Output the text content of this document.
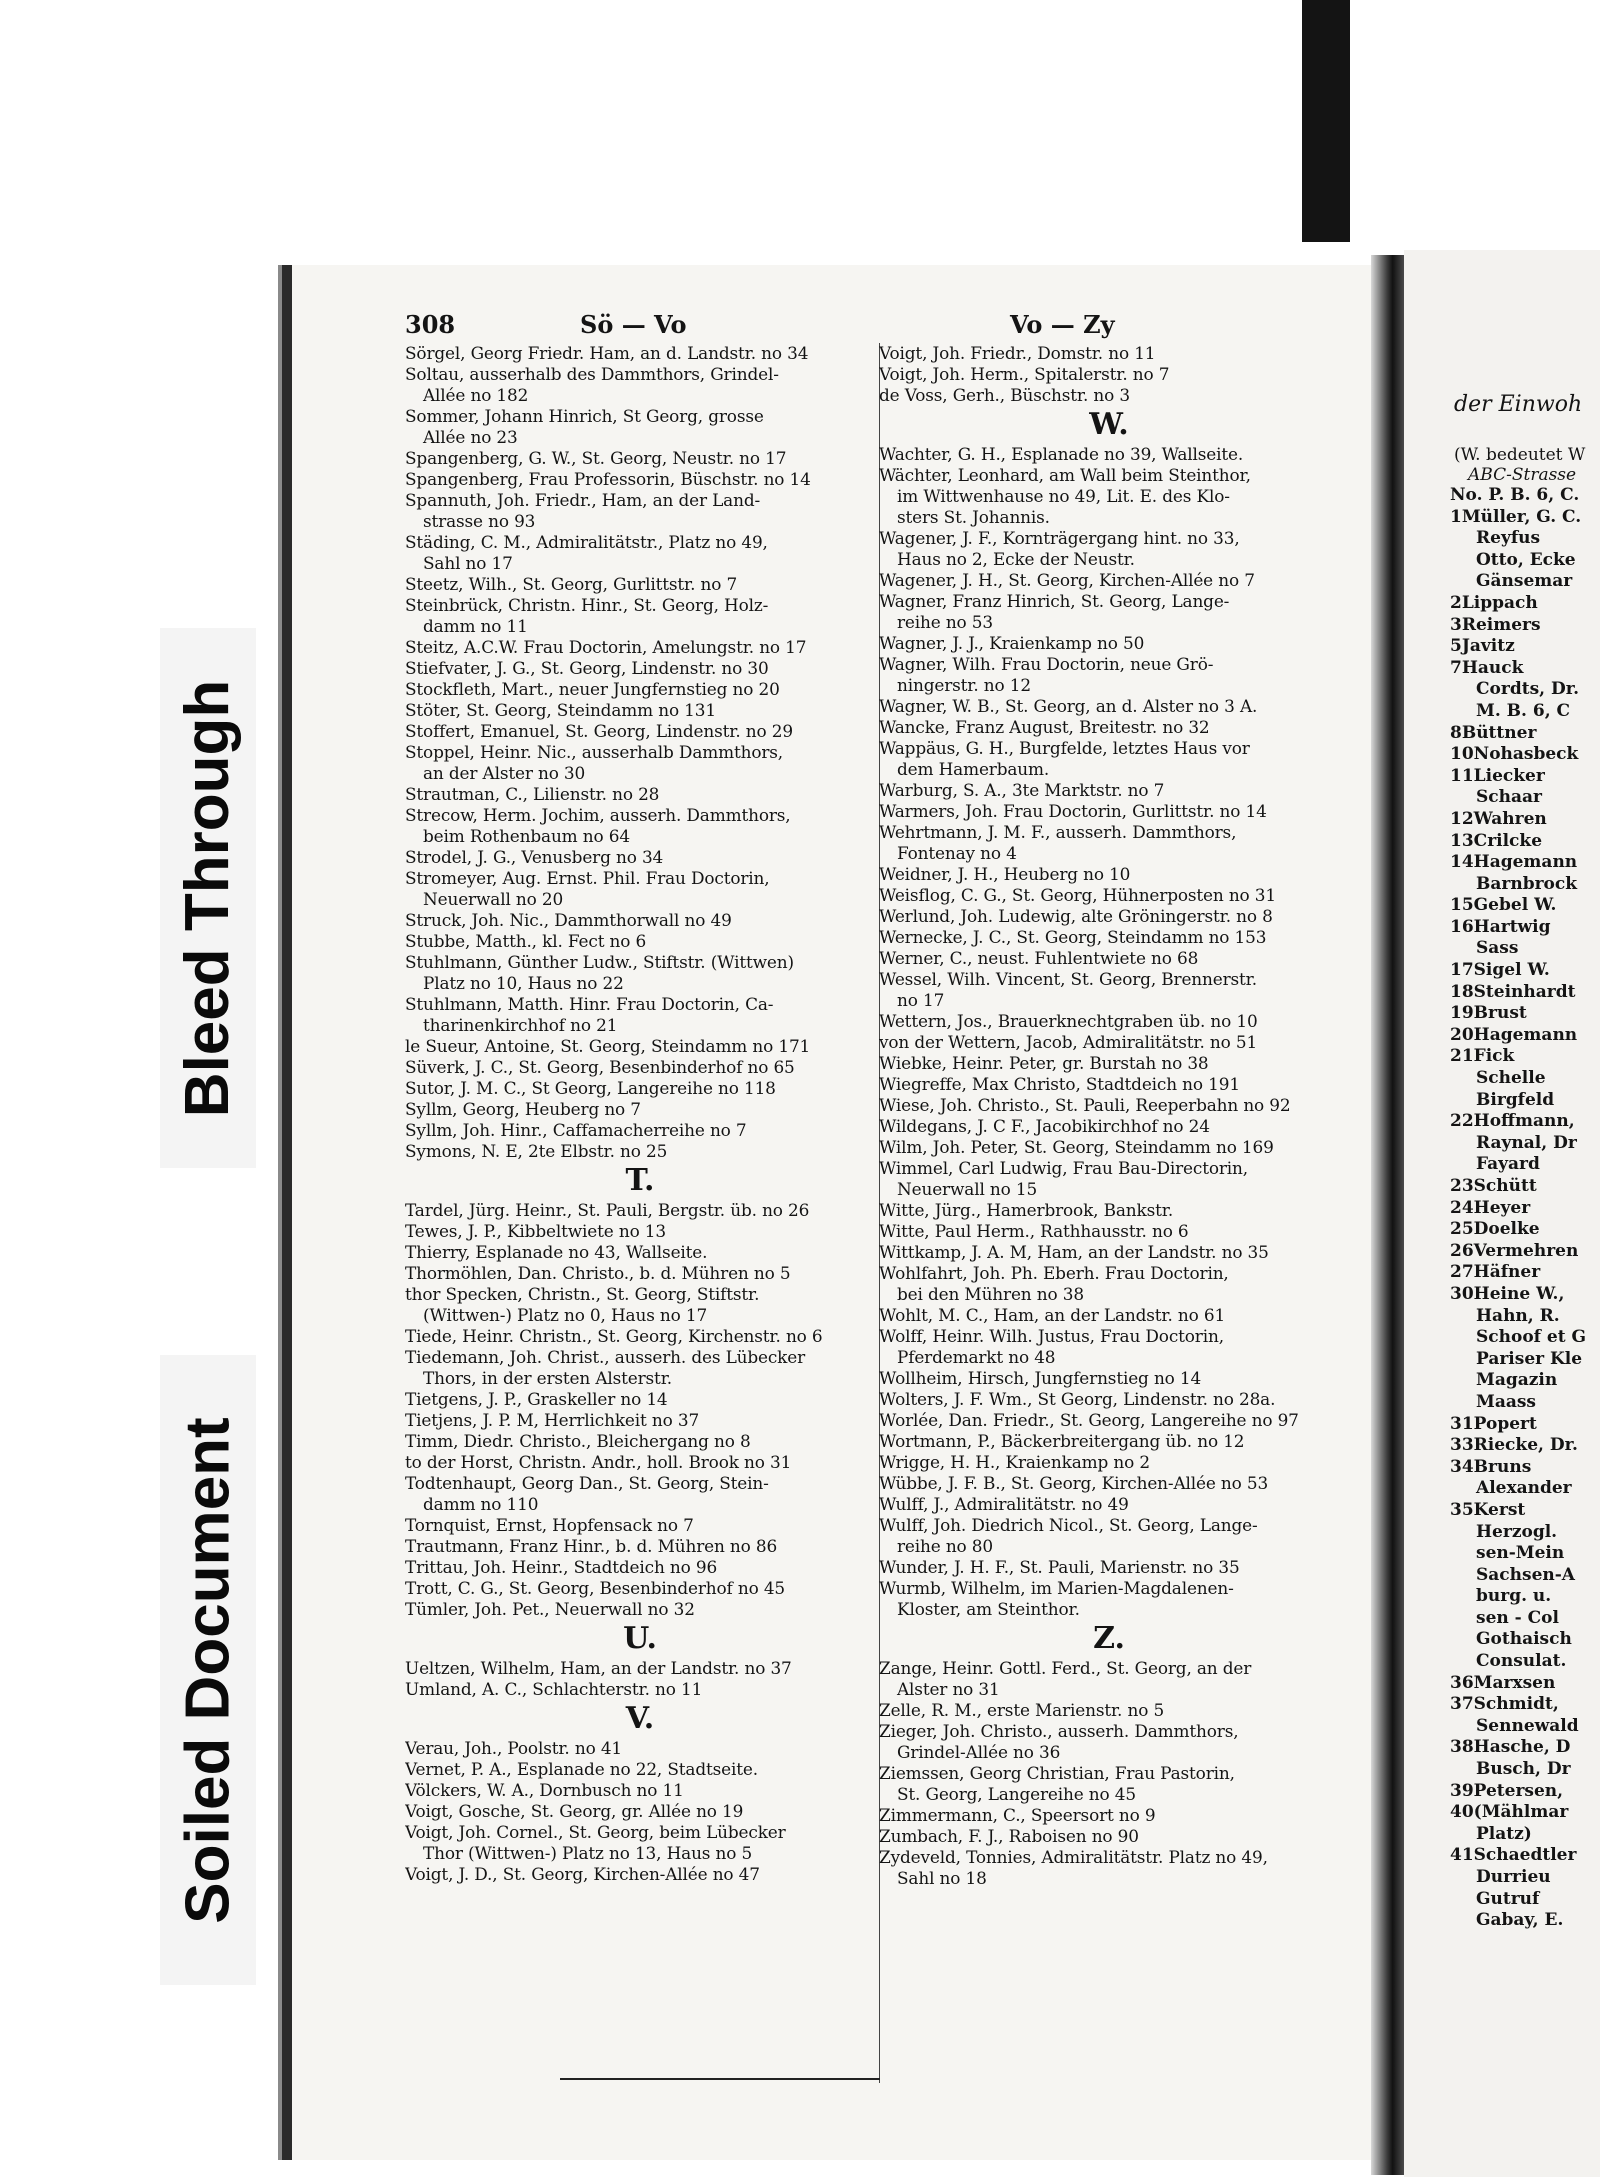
Bleed Through
Soiled Document
308	Sö — Vo	Vo — Zy
Sörgel, Georg Friedr. Ham, an d. Landstr. no 34
Soltau, ausserhalb des Dammthors, Grindel-
Allée no 182
Sommer, Johann Hinrich, St Georg, grosse
Allée no 23
Spangenberg, G. W., St. Georg, Neustr. no 17
Spangenberg, Frau Professorin, Büschstr. no 14
Spannuth, Joh. Friedr., Ham, an der Land-
strasse no 93
Städing, C. M., Admiralitätstr., Platz no 49,
Sahl no 17
Steetz, Wilh., St. Georg, Gurlittstr. no 7
Steinbrück, Christn. Hinr., St. Georg, Holz-
damm no 11
Steitz, A.C.W. Frau Doctorin, Amelungstr. no 17
Stiefvater, J. G., St. Georg, Lindenstr. no 30
Stockfleth, Mart., neuer Jungfernstieg no 20
Stöter, St. Georg, Steindamm no 131
Stoffert, Emanuel, St. Georg, Lindenstr. no 29
Stoppel, Heinr. Nic., ausserhalb Dammthors,
an der Alster no 30
Strautman, C., Lilienstr. no 28
Strecow, Herm. Jochim, ausserh. Dammthors,
beim Rothenbaum no 64
Strodel, J. G., Venusberg no 34
Stromeyer, Aug. Ernst. Phil. Frau Doctorin,
Neuerwall no 20
Struck, Joh. Nic., Dammthorwall no 49
Stubbe, Matth., kl. Fect no 6
Stuhlmann, Günther Ludw., Stiftstr. (Wittwen)
Platz no 10, Haus no 22
Stuhlmann, Matth. Hinr. Frau Doctorin, Ca-
tharinenkirchhof no 21
le Sueur, Antoine, St. Georg, Steindamm no 171
Süverk, J. C., St. Georg, Besenbinderhof no 65
Sutor, J. M. C., St Georg, Langereihe no 118
Syllm, Georg, Heuberg no 7
Syllm, Joh. Hinr., Caffamacherreihe no 7
Symons, N. E, 2te Elbstr. no 25
T.
Tardel, Jürg. Heinr., St. Pauli, Bergstr. üb. no 26
Tewes, J. P., Kibbeltwiete no 13
Thierry, Esplanade no 43, Wallseite.
Thormöhlen, Dan. Christo., b. d. Mühren no 5
thor Specken, Christn., St. Georg, Stiftstr.
(Wittwen-) Platz no 0, Haus no 17
Tiede, Heinr. Christn., St. Georg, Kirchenstr. no 6
Tiedemann, Joh. Christ., ausserh. des Lübecker
Thors, in der ersten Alsterstr.
Tietgens, J. P., Graskeller no 14
Tietjens, J. P. M, Herrlichkeit no 37
Timm, Diedr. Christo., Bleichergang no 8
to der Horst, Christn. Andr., holl. Brook no 31
Todtenhaupt, Georg Dan., St. Georg, Stein-
damm no 110
Tornquist, Ernst, Hopfensack no 7
Trautmann, Franz Hinr., b. d. Mühren no 86
Trittau, Joh. Heinr., Stadtdeich no 96
Trott, C. G., St. Georg, Besenbinderhof no 45
Tümler, Joh. Pet., Neuerwall no 32
U.
Ueltzen, Wilhelm, Ham, an der Landstr. no 37
Umland, A. C., Schlachterstr. no 11
V.
Verau, Joh., Poolstr. no 41
Vernet, P. A., Esplanade no 22, Stadtseite.
Völckers, W. A., Dornbusch no 11
Voigt, Gosche, St. Georg, gr. Allée no 19
Voigt, Joh. Cornel., St. Georg, beim Lübecker
Thor (Wittwen-) Platz no 13, Haus no 5
Voigt, J. D., St. Georg, Kirchen-Allée no 47
Voigt, Joh. Friedr., Domstr. no 11
Voigt, Joh. Herm., Spitalerstr. no 7
de Voss, Gerh., Büschstr. no 3
W.
Wachter, G. H., Esplanade no 39, Wallseite.
Wächter, Leonhard, am Wall beim Steinthor,
im Wittwenhause no 49, Lit. E. des Klo-
sters St. Johannis.
Wagener, J. F., Kornträgergang hint. no 33,
Haus no 2, Ecke der Neustr.
Wagener, J. H., St. Georg, Kirchen-Allée no 7
Wagner, Franz Hinrich, St. Georg, Lange-
reihe no 53
Wagner, J. J., Kraienkamp no 50
Wagner, Wilh. Frau Doctorin, neue Grö-
ningerstr. no 12
Wagner, W. B., St. Georg, an d. Alster no 3 A.
Wancke, Franz August, Breitestr. no 32
Wappäus, G. H., Burgfelde, letztes Haus vor
dem Hamerbaum.
Warburg, S. A., 3te Marktstr. no 7
Warmers, Joh. Frau Doctorin, Gurlittstr. no 14
Wehrtmann, J. M. F., ausserh. Dammthors,
Fontenay no 4
Weidner, J. H., Heuberg no 10
Weisflog, C. G., St. Georg, Hühnerposten no 31
Werlund, Joh. Ludewig, alte Gröningerstr. no 8
Wernecke, J. C., St. Georg, Steindamm no 153
Werner, C., neust. Fuhlentwiete no 68
Wessel, Wilh. Vincent, St. Georg, Brennerstr.
no 17
Wettern, Jos., Brauerknechtgraben üb. no 10
von der Wettern, Jacob, Admiralitätstr. no 51
Wiebke, Heinr. Peter, gr. Burstah no 38
Wiegreffe, Max Christo, Stadtdeich no 191
Wiese, Joh. Christo., St. Pauli, Reeperbahn no 92
Wildegans, J. C F., Jacobikirchhof no 24
Wilm, Joh. Peter, St. Georg, Steindamm no 169
Wimmel, Carl Ludwig, Frau Bau-Directorin,
Neuerwall no 15
Witte, Jürg., Hamerbrook, Bankstr.
Witte, Paul Herm., Rathhausstr. no 6
Wittkamp, J. A. M, Ham, an der Landstr. no 35
Wohlfahrt, Joh. Ph. Eberh. Frau Doctorin,
bei den Mühren no 38
Wohlt, M. C., Ham, an der Landstr. no 61
Wolff, Heinr. Wilh. Justus, Frau Doctorin,
Pferdemarkt no 48
Wollheim, Hirsch, Jungfernstieg no 14
Wolters, J. F. Wm., St Georg, Lindenstr. no 28a.
Worlée, Dan. Friedr., St. Georg, Langereihe no 97
Wortmann, P., Bäckerbreitergang üb. no 12
Wrigge, H. H., Kraienkamp no 2
Wübbe, J. F. B., St. Georg, Kirchen-Allée no 53
Wulff, J., Admiralitätstr. no 49
Wulff, Joh. Diedrich Nicol., St. Georg, Lange-
reihe no 80
Wunder, J. H. F., St. Pauli, Marienstr. no 35
Wurmb, Wilhelm, im Marien-Magdalenen-
Kloster, am Steinthor.
Z.
Zange, Heinr. Gottl. Ferd., St. Georg, an der
Alster no 31
Zelle, R. M., erste Marienstr. no 5
Zieger, Joh. Christo., ausserh. Dammthors,
Grindel-Allée no 36
Ziemssen, Georg Christian, Frau Pastorin,
St. Georg, Langereihe no 45
Zimmermann, C., Speersort no 9
Zumbach, F. J., Raboisen no 90
Zydeveld, Tonnies, Admiralitätstr. Platz no 49,
Sahl no 18
der Einwoh
(W. bedeutet W
ABC-Strasse
No. P. B. 6, C.
1Müller, G. C.
Reyfus
Otto, Ecke
Gänsemar
2Lippach
3Reimers
5Javitz
7Hauck
Cordts, Dr.
M. B. 6, C
8Büttner
10Nohasbeck
11Liecker
Schaar
12Wahren
13Crilcke
14Hagemann
Barnbrock
15Gebel W.
16Hartwig
Sass
17Sigel W.
18Steinhardt
19Brust
20Hagemann
21Fick
Schelle
Birgfeld
22Hoffmann,
Raynal, Dr
Fayard
23Schütt
24Heyer
25Doelke
26Vermehren
27Häfner
30Heine W.,
Hahn, R.
Schoof et G
Pariser Kle
Magazin
Maass
31Popert
33Riecke, Dr.
34Bruns
Alexander
35Kerst
Herzogl.
sen-Mein
Sachsen-A
burg. u.
sen - Col
Gothaisch
Consulat.
36Marxsen
37Schmidt,
Sennewald
38Hasche, D
Busch, Dr
39Petersen,
40(Mählmar
Platz)
41Schaedtler
Durrieu
Gutruf
Gabay, E.
